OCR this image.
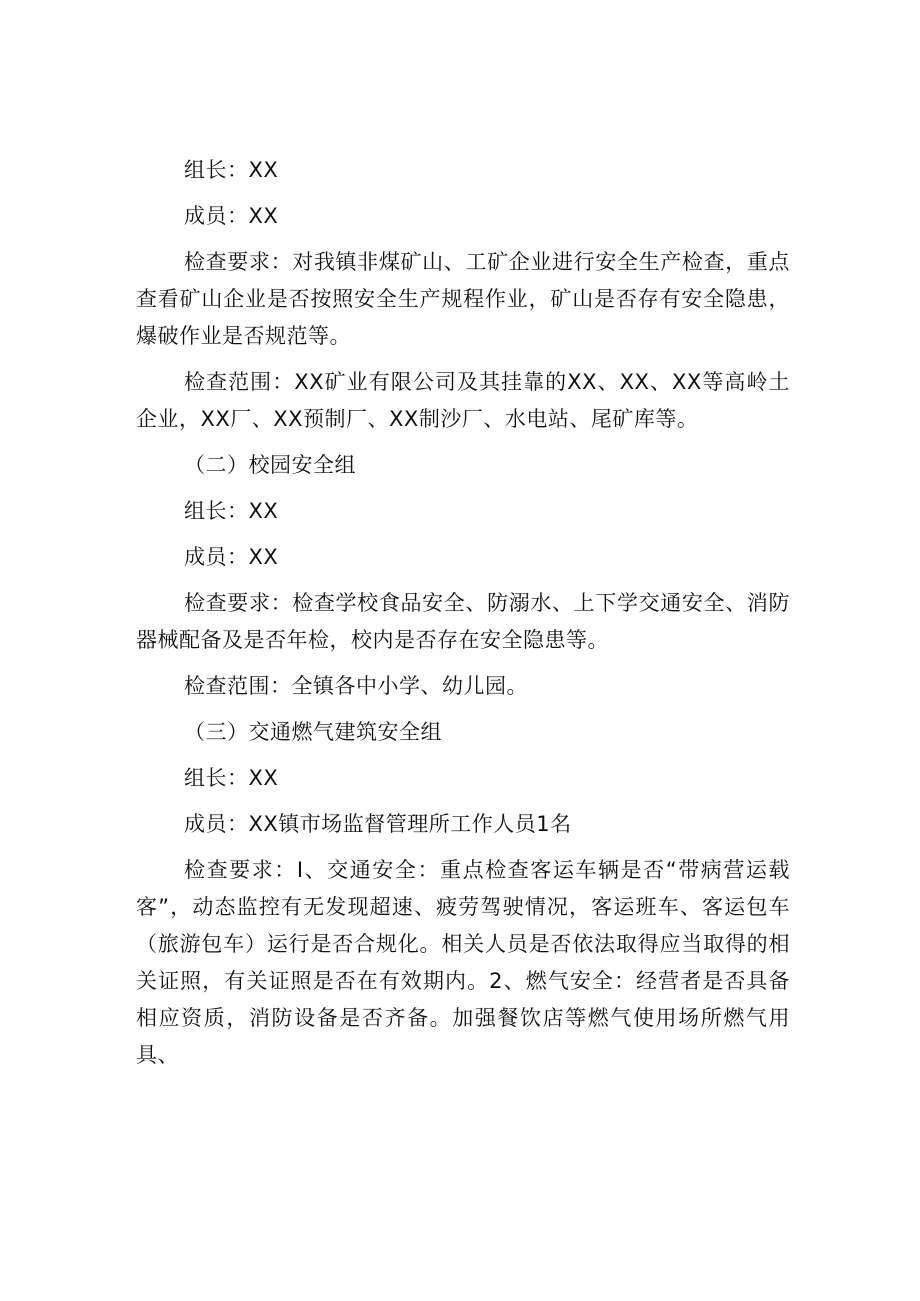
组长：XX

成员：XX

检查要求：对我镇非煤矿山、工矿企业进行安全生产检查，重点查看矿山企业是否按照安全生产规程作业，矿山是否存有安全隐患，爆破作业是否规范等。

检查范围：XX矿业有限公司及其挂靠的XX、XX、XX等高岭土企业，XX厂、XX预制厂、XX制沙厂、水电站、尾矿库等。

（二）校园安全组

组长：XX

成员：XX

检查要求：检查学校食品安全、防溺水、上下学交通安全、消防器械配备及是否年检，校内是否存在安全隐患等。

检查范围：全镇各中小学、幼儿园。

（三）交通燃气建筑安全组

组长：XX

成员：XX镇市场监督管理所工作人员1名

检查要求：I、交通安全：重点检查客运车辆是否“带病营运载客”，动态监控有无发现超速、疲劳驾驶情况，客运班车、客运包车（旅游包车）运行是否合规化。相关人员是否依法取得应当取得的相关证照，有关证照是否在有效期内。2、燃气安全：经营者是否具备相应资质，消防设备是否齐备。加强餐饮店等燃气使用场所燃气用具、
